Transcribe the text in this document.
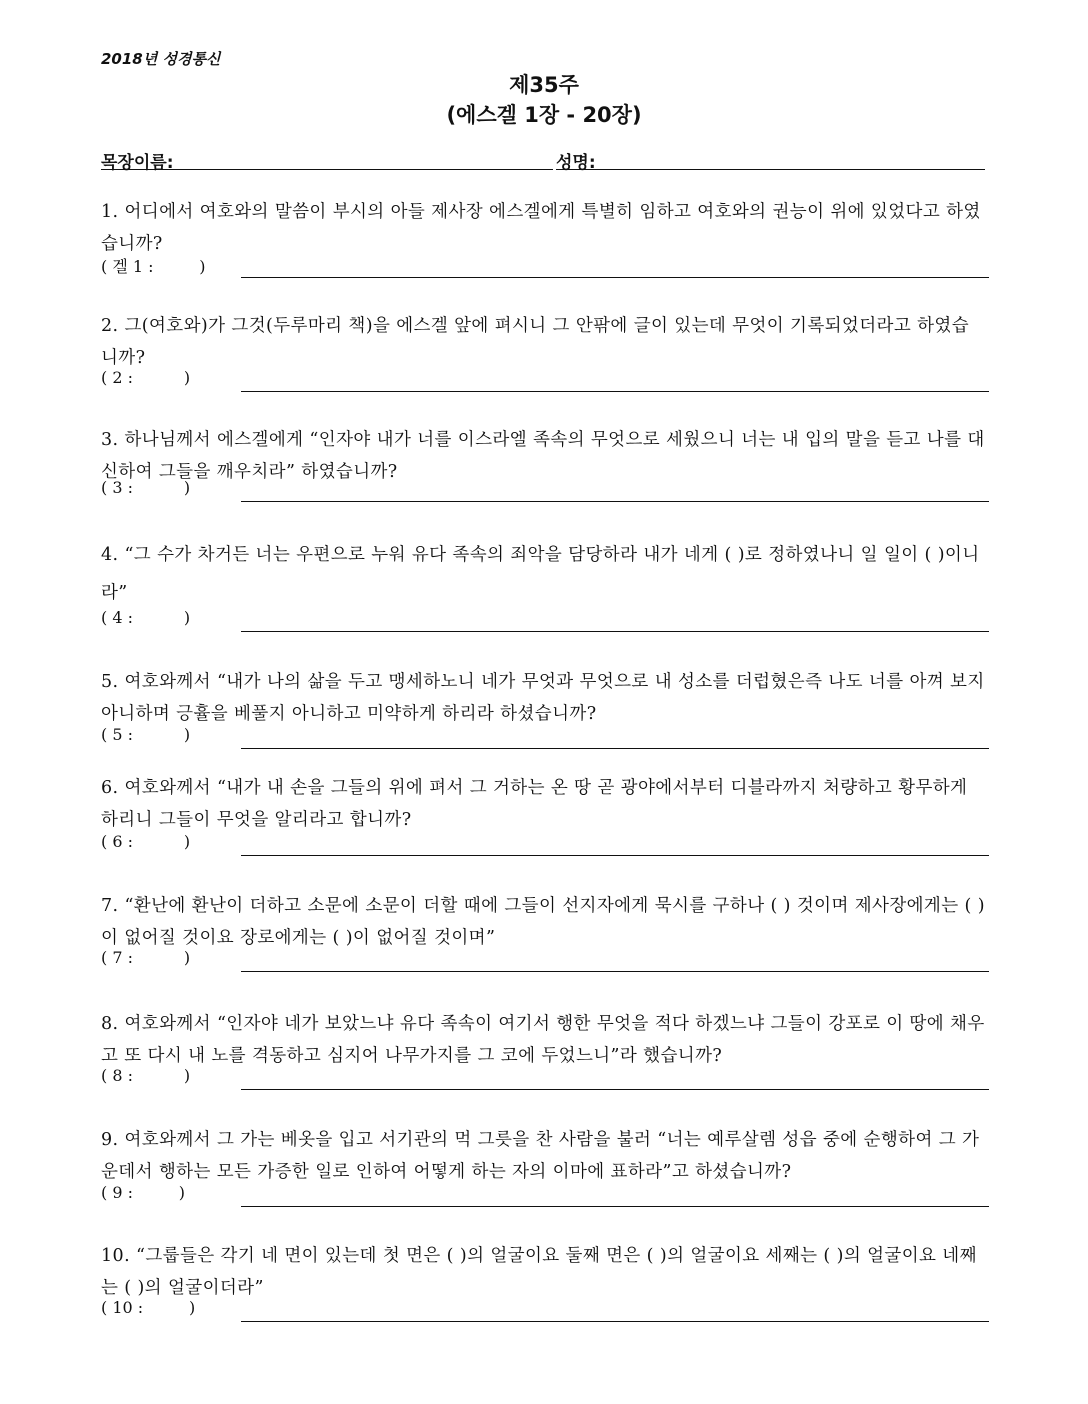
2018년 성경통신
제35주
(에스겔 1장 - 20장)
목장이름:	성명:
1. 어디에서 여호와의 말씀이 부시의 아들 제사장 에스겔에게 특별히 임하고 여호와의 권능이 위에 있었다고 하였습니까?
( 겔 1 :         )
2. 그(여호와)가 그것(두루마리 책)을 에스겔 앞에 펴시니 그 안팎에 글이 있는데 무엇이 기록되었더라고 하였습니까?
( 2 :          )
3. 하나님께서 에스겔에게 “인자야 내가 너를 이스라엘 족속의 무엇으로 세웠으니 너는 내 입의 말을 듣고 나를 대신하여 그들을 깨우치라” 하였습니까?
( 3 :          )
4. “그 수가 차거든 너는 우편으로 누워 유다 족속의 죄악을 담당하라 내가 네게 ( )로 정하였나니 일 일이 ( )이니라”
( 4 :          )
5. 여호와께서 “내가 나의 삶을 두고 맹세하노니 네가 무엇과 무엇으로 내 성소를 더럽혔은즉 나도 너를 아껴 보지 아니하며 긍휼을 베풀지 아니하고 미약하게 하리라 하셨습니까?
( 5 :          )
6. 여호와께서 “내가 내 손을 그들의 위에 펴서 그 거하는 온 땅 곧 광야에서부터 디블라까지 처량하고 황무하게 하리니 그들이 무엇을 알리라고 합니까?
( 6 :          )
7. “환난에 환난이 더하고 소문에 소문이 더할 때에 그들이 선지자에게 묵시를 구하나 ( ) 것이며 제사장에게는 ( )이 없어질 것이요 장로에게는 ( )이 없어질 것이며”
( 7 :          )
8. 여호와께서 “인자야 네가 보았느냐 유다 족속이 여기서 행한 무엇을 적다 하겠느냐 그들이 강포로 이 땅에 채우고 또 다시 내 노를 격동하고 심지어 나무가지를 그 코에 두었느니”라 했습니까?
( 8 :          )
9. 여호와께서 그 가는 베옷을 입고 서기관의 먹 그릇을 찬 사람을 불러 “너는 예루살렘 성읍 중에 순행하여 그 가운데서 행하는 모든 가증한 일로 인하여 어떻게 하는 자의 이마에 표하라”고 하셨습니까?
( 9 :         )
10. “그룹들은 각기 네 면이 있는데 첫 면은 ( )의 얼굴이요 둘째 면은 ( )의 얼굴이요 세째는 ( )의 얼굴이요 네째는 ( )의 얼굴이더라”
( 10 :         )
